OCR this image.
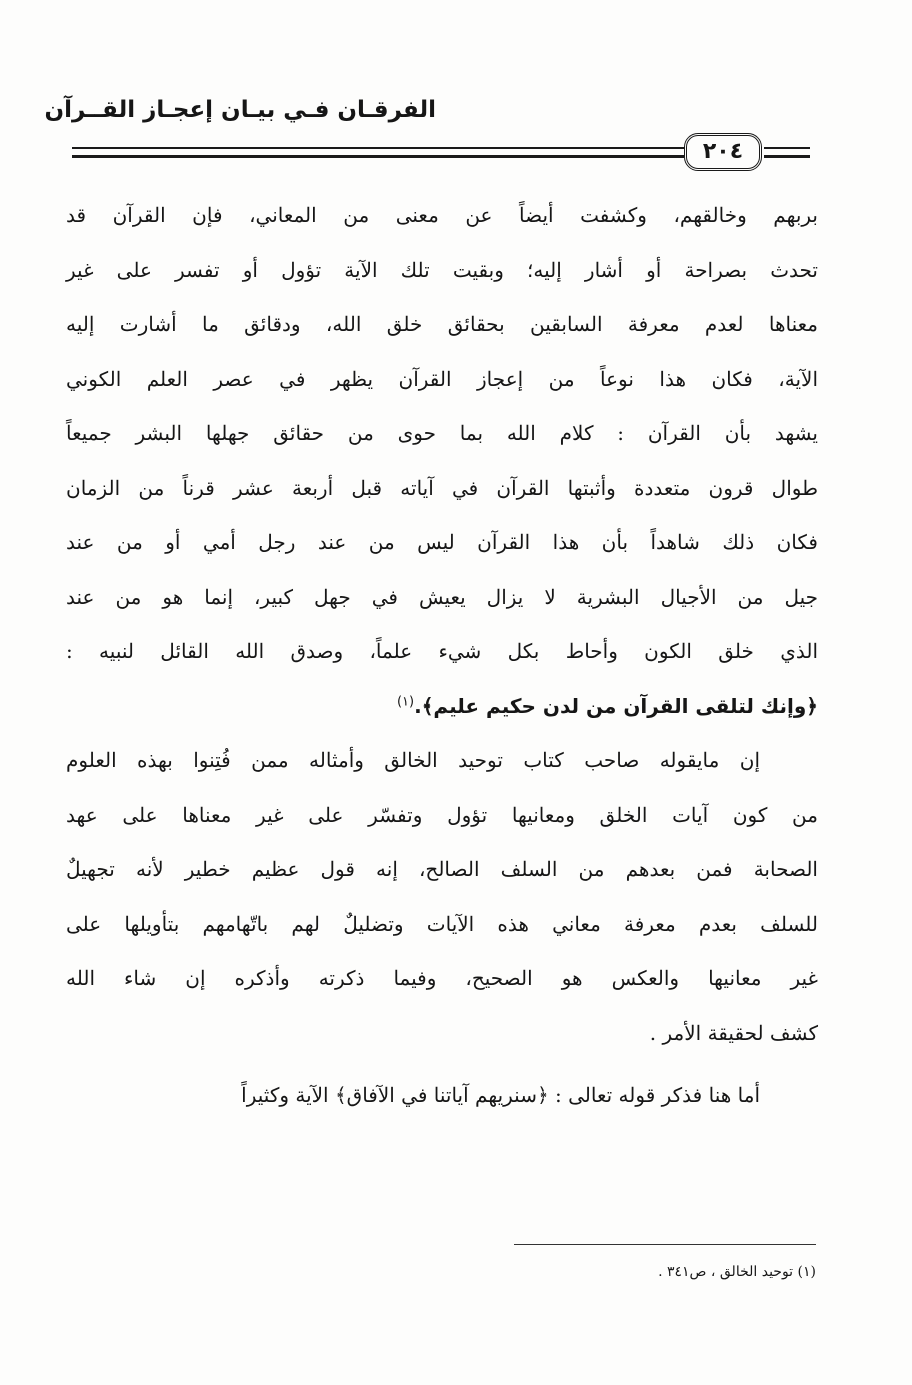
الفرقـان فـي بيـان إعجـاز القــرآن
٢٠٤
بربهم وخالقهم، وكشفت أيضاً عن معنى من المعاني، فإن القرآن قد
تحدث بصراحة أو أشار إليه؛ وبقيت تلك الآية تؤول أو تفسر على غير
معناها لعدم معرفة السابقين بحقائق خلق الله، ودقائق ما أشارت إليه
الآية، فكان هذا نوعاً من إعجاز القرآن يظهر في عصر العلم الكوني
يشهد بأن القرآن : كلام الله بما حوى من حقائق جهلها البشر جميعاً
طوال قرون متعددة وأثبتها القرآن في آياته قبل أربعة عشر قرناً من الزمان
فكان ذلك شاهداً بأن هذا القرآن ليس من عند رجل أمي أو من عند
جيل من الأجيال البشرية لا يزال يعيش في جهل كبير، إنما هو من عند
الذي خلق الكون وأحاط بكل شيء علماً، وصدق الله القائل لنبيه :
﴿وإنك لتلقى القرآن من لدن حكيم عليم﴾.$^{(١)}$
إن مايقوله صاحب كتاب توحيد الخالق وأمثاله ممن فُتِنوا بهذه العلوم
من كون آيات الخلق ومعانيها تؤول وتفسّر على غير معناها على عهد
الصحابة فمن بعدهم من السلف الصالح، إنه قول عظيم خطير لأنه تجهيلٌ
للسلف بعدم معرفة معاني هذه الآيات وتضليلٌ لهم باتّهامهم بتأويلها على
غير معانيها والعكس هو الصحيح، وفيما ذكرته وأذكره إن شاء الله
كشف لحقيقة الأمر .
أما هنا فذكر قوله تعالى : ﴿سنريهم آياتنا في الآفاق﴾ الآية وكثيراً
(١) توحيد الخالق ، ص٣٤١ .
